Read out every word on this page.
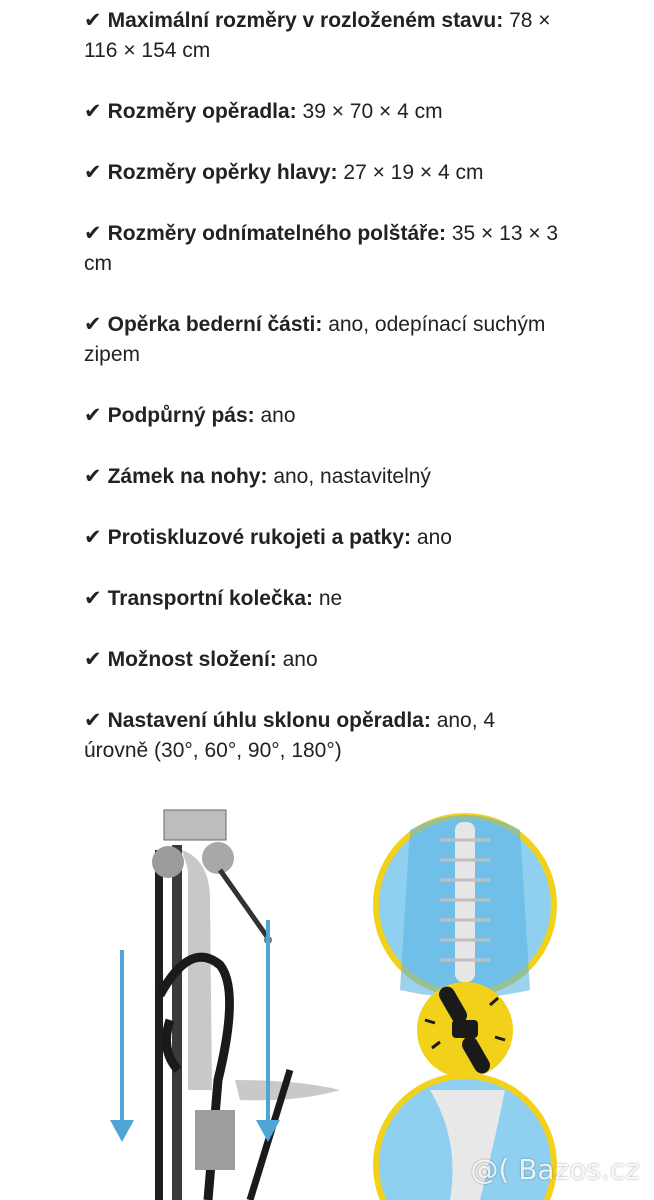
✔ Maximální rozměry v rozloženém stavu: 78 × 116 × 154 cm
✔ Rozměry opěradla: 39 × 70 × 4 cm
✔ Rozměry opěrky hlavy: 27 × 19 × 4 cm
✔ Rozměry odnímatelného polštáře: 35 × 13 × 3 cm
✔ Opěrka bederní části: ano, odepínací suchým zipem
✔ Podpůrný pás: ano
✔ Zámek na nohy: ano, nastavitelný
✔ Protiskluzové rukojeti a patky: ano
✔ Transportní kolečka: ne
✔ Možnost složení: ano
✔ Nastavení úhlu sklonu opěradla: ano, 4 úrovně (30°, 60°, 90°, 180°)
@( Bazos.cz
